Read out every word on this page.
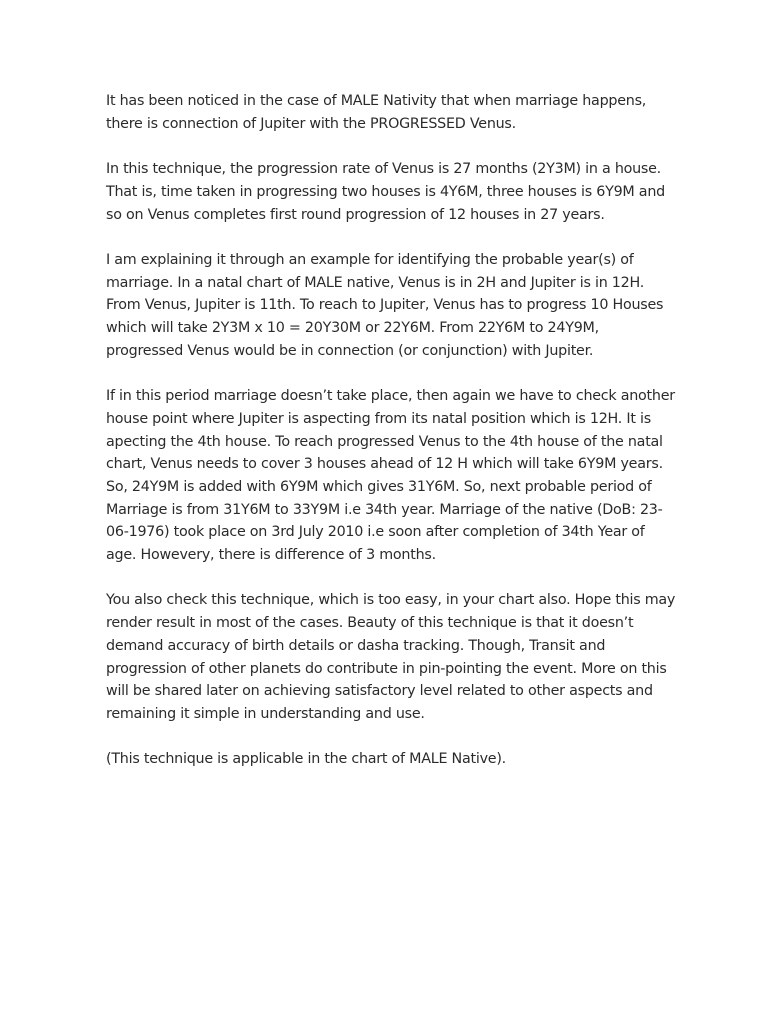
It has been noticed in the case of MALE Nativity that when marriage happens,
there is connection of Jupiter with the PROGRESSED Venus.

In this technique, the progression rate of Venus is 27 months (2Y3M) in a house.
That is, time taken in progressing two houses is 4Y6M, three houses is 6Y9M and
so on Venus completes first round progression of 12 houses in 27 years.

I am explaining it through an example for identifying the probable year(s) of
marriage. In a natal chart of MALE native, Venus is in 2H and Jupiter is in 12H.
From Venus, Jupiter is 11th. To reach to Jupiter, Venus has to progress 10 Houses
which will take 2Y3M x 10 = 20Y30M or 22Y6M. From 22Y6M to 24Y9M,
progressed Venus would be in connection (or conjunction) with Jupiter.

If in this period marriage doesn’t take place, then again we have to check another
house point where Jupiter is aspecting from its natal position which is 12H. It is
apecting the 4th house. To reach progressed Venus to the 4th house of the natal
chart, Venus needs to cover 3 houses ahead of 12 H which will take 6Y9M years.
So, 24Y9M is added with 6Y9M which gives 31Y6M. So, next probable period of
Marriage is from 31Y6M to 33Y9M i.e 34th year. Marriage of the native (DoB: 23-
06-1976) took place on 3rd July 2010 i.e soon after completion of 34th Year of
age. Howevery, there is difference of 3 months.

You also check this technique, which is too easy, in your chart also. Hope this may
render result in most of the cases. Beauty of this technique is that it doesn’t
demand accuracy of birth details or dasha tracking. Though, Transit and
progression of other planets do contribute in pin-pointing the event. More on this
will be shared later on achieving satisfactory level related to other aspects and
remaining it simple in understanding and use.

(This technique is applicable in the chart of MALE Native).
